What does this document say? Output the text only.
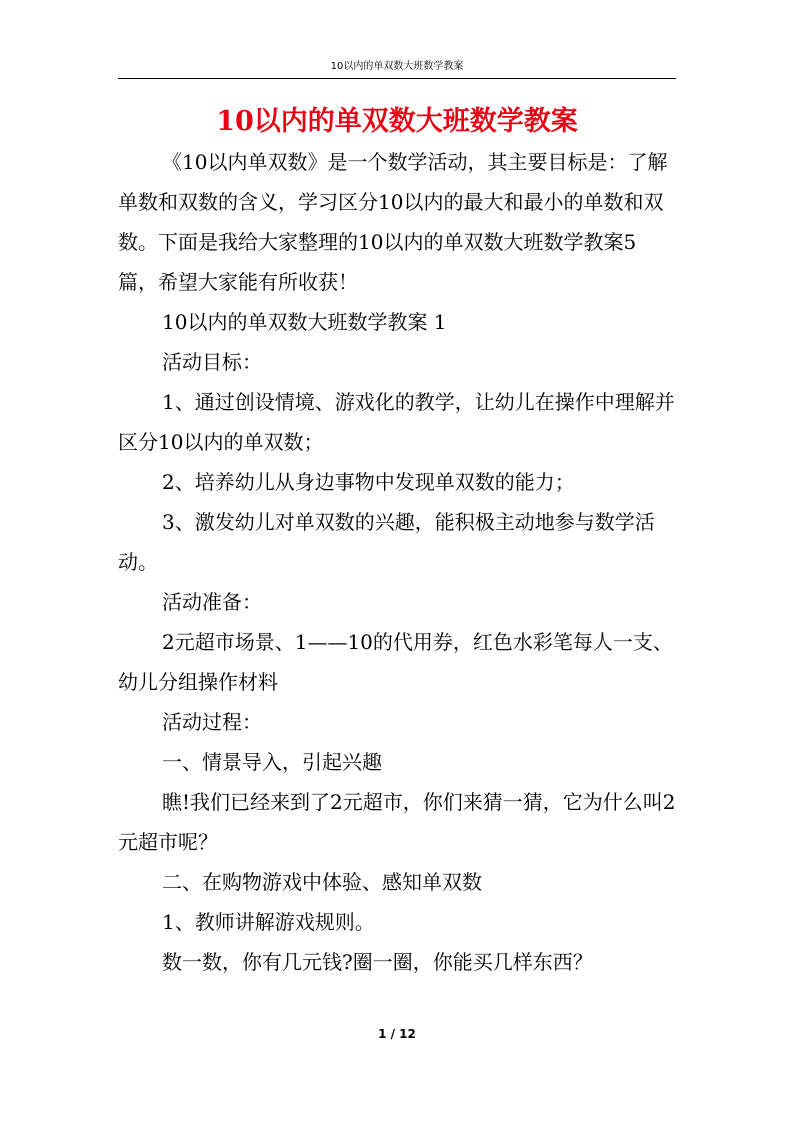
10以内的单双数大班数学教案
10以内的单双数大班数学教案

《10以内单双数》是一个数学活动，其主要目标是：了解单数和双数的含义，学习区分10以内的最大和最小的单数和双数。下面是我给大家整理的10以内的单双数大班数学教案5篇，希望大家能有所收获！

10以内的单双数大班数学教案 1

活动目标：

1、通过创设情境、游戏化的教学，让幼儿在操作中理解并区分10以内的单双数；

2、培养幼儿从身边事物中发现单双数的能力；

3、激发幼儿对单双数的兴趣，能积极主动地参与数学活动。

活动准备：

2元超市场景、1——10的代用券，红色水彩笔每人一支、幼儿分组操作材料

活动过程：

一、情景导入，引起兴趣

瞧!我们已经来到了2元超市，你们来猜一猜，它为什么叫2元超市呢？

二、在购物游戏中体验、感知单双数

1、教师讲解游戏规则。

数一数，你有几元钱?圈一圈，你能买几样东西？

1 / 12
